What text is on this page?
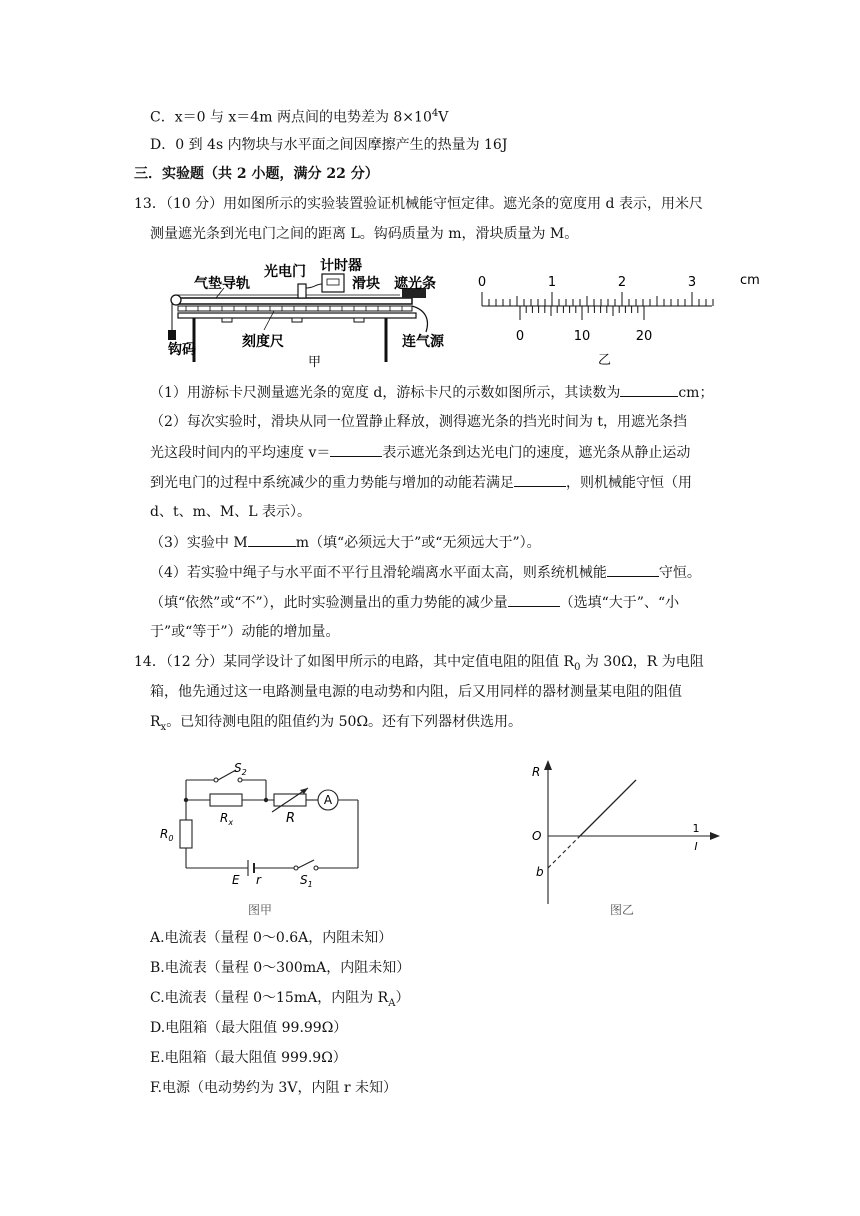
C．x＝0 与 x＝4m 两点间的电势差为 $8\times 10^4V$
D．0 到 4s 内物块与水平面之间因摩擦产生的热量为 16J
三．实验题（共 2 小题，满分 22 分）
13．（10 分）用如图所示的实验装置验证机械能守恒定律。遮光条的宽度用 d 表示，用米尺
测量遮光条到光电门之间的距离 L。钩码质量为 m，滑块质量为 M。
气垫导轨
光电门 计时器
滑块 遮光条
钩码	刻度尺	连气源
甲
0	1	2	3	cm
0	10	20
乙
（1）用游标卡尺测量遮光条的宽度 d，游标卡尺的示数如图所示，其读数为	cm；
（2）每次实验时，滑块从同一位置静止释放，测得遮光条的挡光时间为 t，用遮光条挡
光这段时间内的平均速度 v＝	表示遮光条到达光电门的速度，遮光条从静止运动
到光电门的过程中系统减少的重力势能与增加的动能若满足	，则机械能守恒（用
d、t、m、M、L 表示）。
（3）实验中 M	m（填“必须远大于”或“无须远大于”）。
（4）若实验中绳子与水平面不平行且滑轮端离水平面太高，则系统机械能	守恒。
（填“依然”或“不”），此时实验测量出的重力势能的减少量	（选填“大于”、“小
于”或“等于”）动能的增加量。
14．（12 分）某同学设计了如图甲所示的电路，其中定值电阻的阻值 $R_0$ 为 30Ω，R 为电阻
箱，他先通过这一电路测量电源的电动势和内阻，后又用同样的器材测量某电阻的阻值
$R_x$。已知待测电阻的阻值约为 50Ω。还有下列器材供选用。
$S_2$
$R_x$	R
A
$R_0$
E r	$S_1$
图甲
R
O
1
I
b
图乙
A.电流表（量程 0～0.6A，内阻未知）
B.电流表（量程 0～300mA，内阻未知）
C.电流表（量程 0～15mA，内阻为 $R_A$）
D.电阻箱（最大阻值 99.99Ω）
E.电阻箱（最大阻值 999.9Ω）
F.电源（电动势约为 3V，内阻 r 未知）
